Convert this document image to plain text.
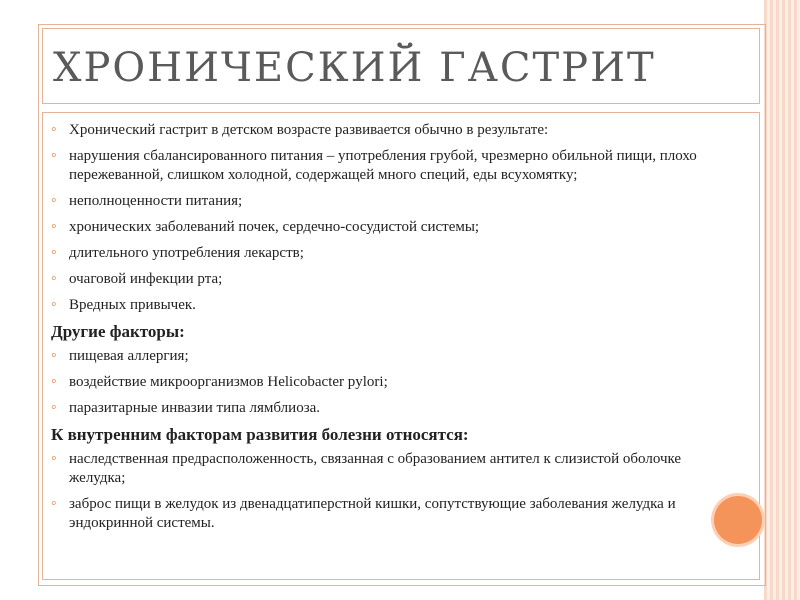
ХРОНИЧЕСКИЙ ГАСТРИТ
◦ Хронический гастрит в детском возрасте развивается обычно в результате:
◦ нарушения сбалансированного питания – употребления грубой, чрезмерно обильной пищи, плохо пережеванной, слишком холодной, содержащей много специй, еды всухомятку;
◦ неполноценности питания;
◦ хронических заболеваний почек, сердечно-сосудистой системы;
◦ длительного употребления лекарств;
◦ очаговой инфекции рта;
◦ Вредных привычек.
Другие факторы:
◦ пищевая аллергия;
◦ воздействие микроорганизмов Helicobacter pylori;
◦ паразитарные инвазии типа лямблиоза.
К внутренним факторам развития болезни относятся:
◦ наследственная предрасположенность, связанная с образованием антител к слизистой оболочке желудка;
◦ заброс пищи в желудок из двенадцатиперстной кишки, сопутствующие заболевания желудка и эндокринной системы.
